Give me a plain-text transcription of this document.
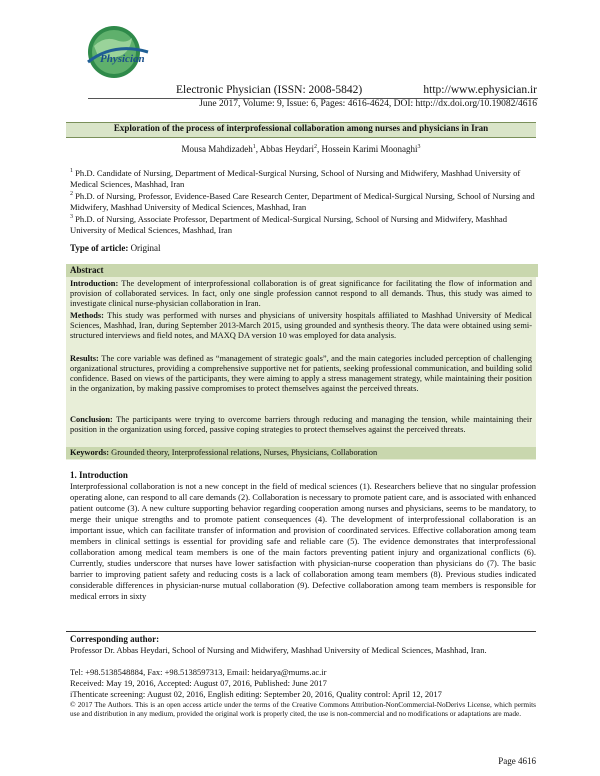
Physician
Electronic Physician (ISSN: 2008-5842)	http://www.ephysician.ir
June 2017, Volume: 9, Issue: 6, Pages: 4616-4624, DOI: http://dx.doi.org/10.19082/4616
Exploration of the process of interprofessional collaboration among nurses and physicians in Iran
Mousa Mahdizadeh$^1$, Abbas Heydari$^2$, Hossein Karimi Moonaghi$^3$
$^1$ Ph.D. Candidate of Nursing, Department of Medical-Surgical Nursing, School of Nursing and Midwifery, Mashhad University of Medical Sciences, Mashhad, Iran
$^2$ Ph.D. of Nursing, Professor, Evidence-Based Care Research Center, Department of Medical-Surgical Nursing, School of Nursing and Midwifery, Mashhad University of Medical Sciences, Mashhad, Iran
$^3$ Ph.D. of Nursing, Associate Professor, Department of Medical-Surgical Nursing, School of Nursing and Midwifery, Mashhad University of Medical Sciences, Mashhad, Iran
Type of article: Original
Abstract
Introduction: The development of interprofessional collaboration is of great significance for facilitating the flow of information and provision of collaborated services. In fact, only one single profession cannot respond to all demands. Thus, this study was aimed to investigate clinical nurse-physician collaboration in Iran.
Methods: This study was performed with nurses and physicians of university hospitals affiliated to Mashhad University of Medical Sciences, Mashhad, Iran, during September 2013-March 2015, using grounded and synthesis theory. The data were obtained using semi-structured interviews and field notes, and MAXQ DA version 10 was employed for data analysis.
Results: The core variable was defined as “management of strategic goals”, and the main categories included perception of challenging organizational structures, providing a comprehensive supportive net for patients, seeking professional communication, and building solid confidence. Based on views of the participants, they were aiming to apply a stress management strategy, while maintaining their position in the organization, by making passive compromises to protect themselves against the perceived threats.
Conclusion: The participants were trying to overcome barriers through reducing and managing the tension, while maintaining their position in the organization using forced, passive coping strategies to protect themselves against the perceived threats.
Keywords: Grounded theory, Interprofessional relations, Nurses, Physicians, Collaboration
1. Introduction
Interprofessional collaboration is not a new concept in the field of medical sciences (1). Researchers believe that no singular profession operating alone, can respond to all care demands (2). Collaboration is necessary to promote patient care, and is associated with enhanced patient outcome (3). A new culture supporting behavior regarding cooperation among nurses and physicians, seems to be mandatory, to merge their unique strengths and to promote patient consequences (4). The development of interprofessional collaboration is an important issue, which can facilitate transfer of information and provision of coordinated services. Effective collaboration among team members in clinical settings is essential for providing safe and reliable care (5). The evidence demonstrates that interprofessional collaboration among medical team members is one of the main factors preventing patient injury and organizational conflicts (6). Currently, studies underscore that nurses have lower satisfaction with physician-nurse cooperation than physicians do (7). The basic barrier to improving patient safety and reducing costs is a lack of collaboration among team members (8). Previous studies indicated considerable differences in physician-nurse mutual collaboration (9). Defective collaboration among team members is responsible for medical errors in sixty
Corresponding author:
Professor Dr. Abbas Heydari, School of Nursing and Midwifery, Mashhad University of Medical Sciences, Mashhad, Iran.
Tel: +98.5138548884, Fax: +98.5138597313, Email: heidarya@mums.ac.ir
Received: May 19, 2016, Accepted: August 07, 2016, Published: June 2017
iThenticate screening: August 02, 2016, English editing: September 20, 2016, Quality control: April 12, 2017
© 2017 The Authors. This is an open access article under the terms of the Creative Commons Attribution-NonCommercial-NoDerivs License, which permits use and distribution in any medium, provided the original work is properly cited, the use is non-commercial and no modifications or adaptations are made.
Page 4616
